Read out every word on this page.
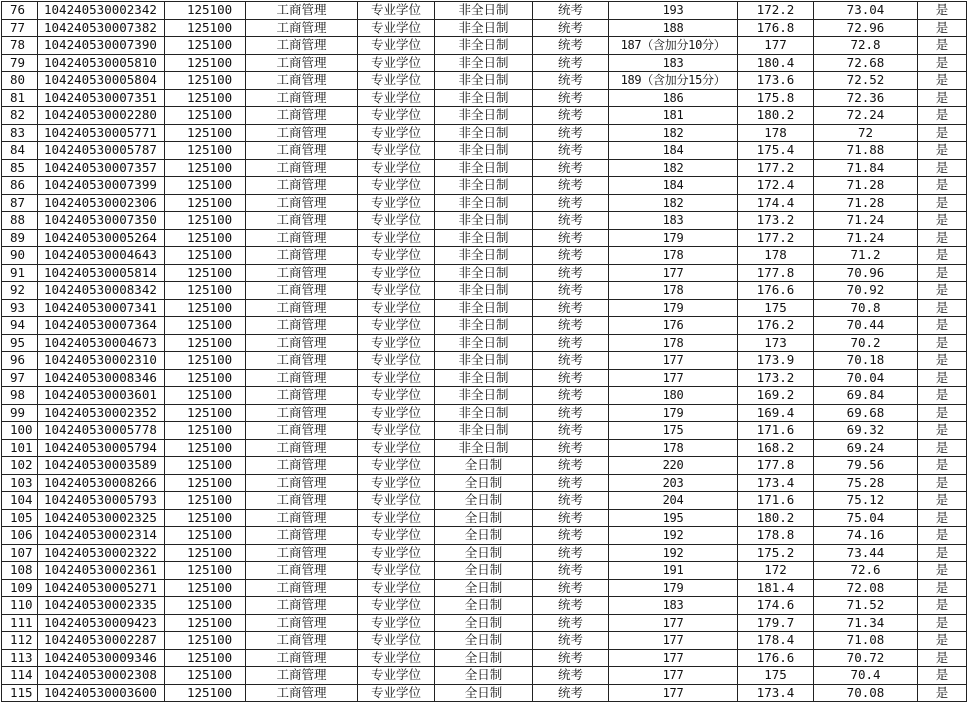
76	104240530002342	125100	工商管理	专业学位	非全日制	统考	193	172.2	73.04	是
77	104240530007382	125100	工商管理	专业学位	非全日制	统考	188	176.8	72.96	是
78	104240530007390	125100	工商管理	专业学位	非全日制	统考	187（含加分10分）	177	72.8	是
79	104240530005810	125100	工商管理	专业学位	非全日制	统考	183	180.4	72.68	是
80	104240530005804	125100	工商管理	专业学位	非全日制	统考	189（含加分15分）	173.6	72.52	是
81	104240530007351	125100	工商管理	专业学位	非全日制	统考	186	175.8	72.36	是
82	104240530002280	125100	工商管理	专业学位	非全日制	统考	181	180.2	72.24	是
83	104240530005771	125100	工商管理	专业学位	非全日制	统考	182	178	72	是
84	104240530005787	125100	工商管理	专业学位	非全日制	统考	184	175.4	71.88	是
85	104240530007357	125100	工商管理	专业学位	非全日制	统考	182	177.2	71.84	是
86	104240530007399	125100	工商管理	专业学位	非全日制	统考	184	172.4	71.28	是
87	104240530002306	125100	工商管理	专业学位	非全日制	统考	182	174.4	71.28	是
88	104240530007350	125100	工商管理	专业学位	非全日制	统考	183	173.2	71.24	是
89	104240530005264	125100	工商管理	专业学位	非全日制	统考	179	177.2	71.24	是
90	104240530004643	125100	工商管理	专业学位	非全日制	统考	178	178	71.2	是
91	104240530005814	125100	工商管理	专业学位	非全日制	统考	177	177.8	70.96	是
92	104240530008342	125100	工商管理	专业学位	非全日制	统考	178	176.6	70.92	是
93	104240530007341	125100	工商管理	专业学位	非全日制	统考	179	175	70.8	是
94	104240530007364	125100	工商管理	专业学位	非全日制	统考	176	176.2	70.44	是
95	104240530004673	125100	工商管理	专业学位	非全日制	统考	178	173	70.2	是
96	104240530002310	125100	工商管理	专业学位	非全日制	统考	177	173.9	70.18	是
97	104240530008346	125100	工商管理	专业学位	非全日制	统考	177	173.2	70.04	是
98	104240530003601	125100	工商管理	专业学位	非全日制	统考	180	169.2	69.84	是
99	104240530002352	125100	工商管理	专业学位	非全日制	统考	179	169.4	69.68	是
100	104240530005778	125100	工商管理	专业学位	非全日制	统考	175	171.6	69.32	是
101	104240530005794	125100	工商管理	专业学位	非全日制	统考	178	168.2	69.24	是
102	104240530003589	125100	工商管理	专业学位	全日制	统考	220	177.8	79.56	是
103	104240530008266	125100	工商管理	专业学位	全日制	统考	203	173.4	75.28	是
104	104240530005793	125100	工商管理	专业学位	全日制	统考	204	171.6	75.12	是
105	104240530002325	125100	工商管理	专业学位	全日制	统考	195	180.2	75.04	是
106	104240530002314	125100	工商管理	专业学位	全日制	统考	192	178.8	74.16	是
107	104240530002322	125100	工商管理	专业学位	全日制	统考	192	175.2	73.44	是
108	104240530002361	125100	工商管理	专业学位	全日制	统考	191	172	72.6	是
109	104240530005271	125100	工商管理	专业学位	全日制	统考	179	181.4	72.08	是
110	104240530002335	125100	工商管理	专业学位	全日制	统考	183	174.6	71.52	是
111	104240530009423	125100	工商管理	专业学位	全日制	统考	177	179.7	71.34	是
112	104240530002287	125100	工商管理	专业学位	全日制	统考	177	178.4	71.08	是
113	104240530009346	125100	工商管理	专业学位	全日制	统考	177	176.6	70.72	是
114	104240530002308	125100	工商管理	专业学位	全日制	统考	177	175	70.4	是
115	104240530003600	125100	工商管理	专业学位	全日制	统考	177	173.4	70.08	是
